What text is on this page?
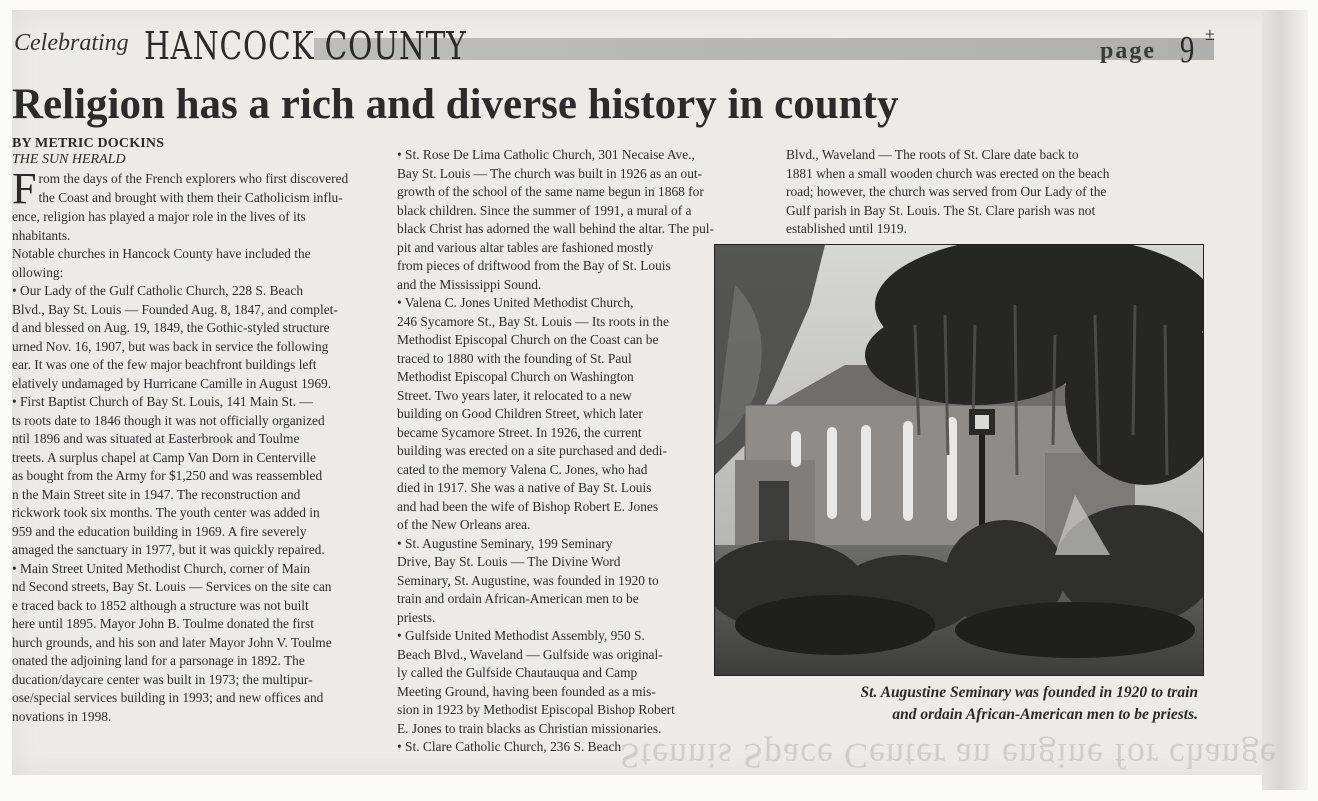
Stennis Space Center an engine for change
Celebrating HANCOCK COUNTY	page 9 ±
Religion has a rich and diverse history in county
BY METRIC DOCKINS
THE SUN HERALD
F rom the days of the French explorers who first discovered
the Coast and brought with them their Catholicism influ-
ence, religion has played a major role in the lives of its
nhabitants.
Notable churches in Hancock County have included the
ollowing:
• Our Lady of the Gulf Catholic Church, 228 S. Beach
Blvd., Bay St. Louis — Founded Aug. 8, 1847, and complet-
d and blessed on Aug. 19, 1849, the Gothic-styled structure
urned Nov. 16, 1907, but was back in service the following
ear. It was one of the few major beachfront buildings left
elatively undamaged by Hurricane Camille in August 1969.
• First Baptist Church of Bay St. Louis, 141 Main St. —
ts roots date to 1846 though it was not officially organized
ntil 1896 and was situated at Easterbrook and Toulme
treets. A surplus chapel at Camp Van Dorn in Centerville
as bought from the Army for $1,250 and was reassembled
n the Main Street site in 1947. The reconstruction and
rickwork took six months. The youth center was added in
959 and the education building in 1969. A fire severely
amaged the sanctuary in 1977, but it was quickly repaired.
• Main Street United Methodist Church, corner of Main
nd Second streets, Bay St. Louis — Services on the site can
e traced back to 1852 although a structure was not built
here until 1895. Mayor John B. Toulme donated the first
hurch grounds, and his son and later Mayor John V. Toulme
onated the adjoining land for a parsonage in 1892. The
ducation/daycare center was built in 1973; the multipur-
ose/special services building in 1993; and new offices and
novations in 1998.
• St. Rose De Lima Catholic Church, 301 Necaise Ave.,
Bay St. Louis — The church was built in 1926 as an out-
growth of the school of the same name begun in 1868 for
black children. Since the summer of 1991, a mural of a
black Christ has adorned the wall behind the altar. The pul-
pit and various altar tables are fashioned mostly
from pieces of driftwood from the Bay of St. Louis
and the Mississippi Sound.
• Valena C. Jones United Methodist Church,
246 Sycamore St., Bay St. Louis — Its roots in the
Methodist Episcopal Church on the Coast can be
traced to 1880 with the founding of St. Paul
Methodist Episcopal Church on Washington
Street. Two years later, it relocated to a new
building on Good Children Street, which later
became Sycamore Street. In 1926, the current
building was erected on a site purchased and dedi-
cated to the memory Valena C. Jones, who had
died in 1917. She was a native of Bay St. Louis
and had been the wife of Bishop Robert E. Jones
of the New Orleans area.
• St. Augustine Seminary, 199 Seminary
Drive, Bay St. Louis — The Divine Word
Seminary, St. Augustine, was founded in 1920 to
train and ordain African-American men to be
priests.
• Gulfside United Methodist Assembly, 950 S.
Beach Blvd., Waveland — Gulfside was original-
ly called the Gulfside Chautauqua and Camp
Meeting Ground, having been founded as a mis-
sion in 1923 by Methodist Episcopal Bishop Robert
E. Jones to train blacks as Christian missionaries.
• St. Clare Catholic Church, 236 S. Beach
Blvd., Waveland — The roots of St. Clare date back to
1881 when a small wooden church was erected on the beach
road; however, the church was served from Our Lady of the
Gulf parish in Bay St. Louis. The St. Clare parish was not
established until 1919.
St. Augustine Seminary was founded in 1920 to train
and ordain African-American men to be priests.
